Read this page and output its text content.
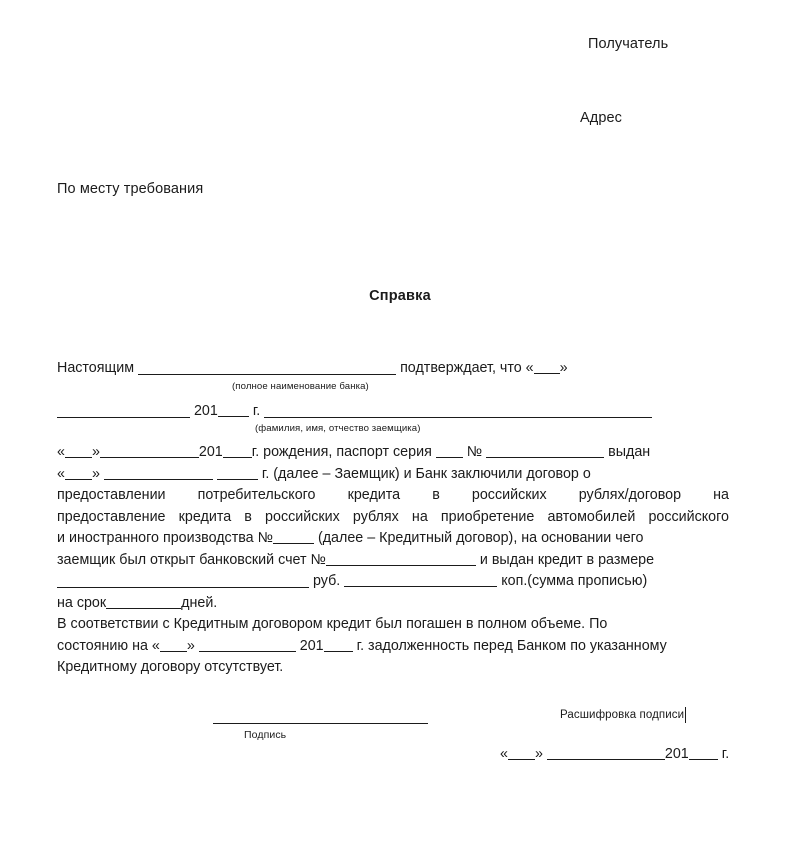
Получатель
Адрес
По месту требования
Справка
Настоящим	подтверждает, что « »
(полное наименование банка)
201 г.
(фамилия, имя, отчество заемщика)
« »	201 г. рождения, паспорт серия №	выдан
« »	г. (далее – Заемщик) и Банк заключили договор о
предоставлении потребительского кредита в российских рублях/договор на
предоставление кредита в российских рублях на приобретение автомобилей российского
и иностранного производства №	(далее – Кредитный договор), на основании чего
заемщик был открыт банковский счет №	и выдан кредит в размере
руб.	коп.(сумма прописью)
на срок	дней.
В соответствии с Кредитным договором кредит был погашен в полном объеме. По
состоянию на « »	201 г. задолженность перед Банком по указанному
Кредитному договору отсутствует.
Подпись
Расшифровка подписи
« »	201 г.
